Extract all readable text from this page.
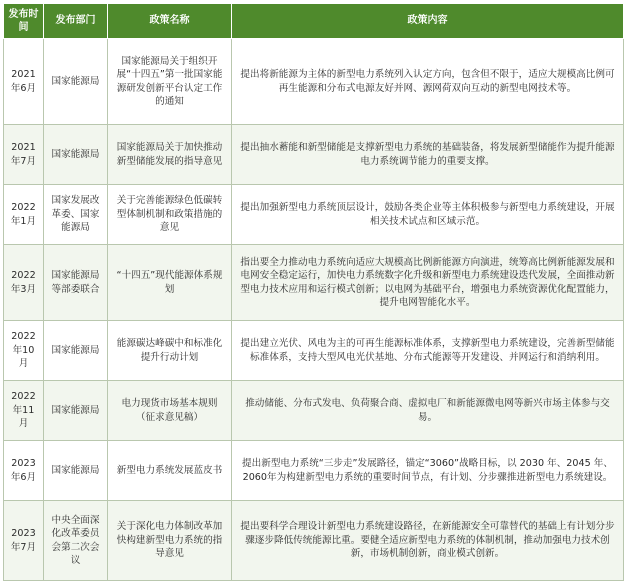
发布时间	发布部门	政策名称	政策内容
2021年6月	国家能源局	国家能源局关于组织开展“十四五”第一批国家能源研发创新平台认定工作的通知	提出将新能源为主体的新型电力系统列入认定方向，包含但不限于，适应大规模高比例可再生能源和分布式电源友好并网、源网荷双向互动的新型电网技术等。
2021年7月	国家能源局	国家能源局关于加快推动新型储能发展的指导意见	提出抽水蓄能和新型储能是支撑新型电力系统的基础装备，将发展新型储能作为提升能源电力系统调节能力的重要支撑。
2022年1月	国家发展改革委、国家能源局	关于完善能源绿色低碳转型体制机制和政策措施的意见	提出加强新型电力系统顶层设计，鼓励各类企业等主体积极参与新型电力系统建设，开展相关技术试点和区域示范。
2022年3月	国家能源局等部委联合	“十四五”现代能源体系规划	指出要全力推动电力系统向适应大规模高比例新能源方向演进，统筹高比例新能源发展和电网安全稳定运行，加快电力系统数字化升级和新型电力系统建设迭代发展，全面推动新型电力技术应用和运行模式创新；以电网为基础平台，增强电力系统资源优化配置能力，提升电网智能化水平。
2022年10月	国家能源局	能源碳达峰碳中和标准化提升行动计划	提出建立光伏、风电为主的可再生能源标准体系，支撑新型电力系统建设，完善新型储能标准体系，支持大型风电光伏基地、分布式能源等开发建设、并网运行和消纳利用。
2022年11月	国家能源局	电力现货市场基本规则（征求意见稿）	推动储能、分布式发电、负荷聚合商、虚拟电厂和新能源微电网等新兴市场主体参与交易。
2023年6月	国家能源局	新型电力系统发展蓝皮书	提出新型电力系统“三步走”发展路径，锚定“3060”战略目标，以 2030 年、2045 年、2060年为构建新型电力系统的重要时间节点，有计划、分步骤推进新型电力系统建设。
2023年7月	中央全面深化改革委员会第二次会议	关于深化电力体制改革加快构建新型电力系统的指导意见	提出要科学合理设计新型电力系统建设路径，在新能源安全可靠替代的基础上有计划分步骤逐步降低传统能源比重。要健全适应新型电力系统的体制机制，推动加强电力技术创新，市场机制创新，商业模式创新。
